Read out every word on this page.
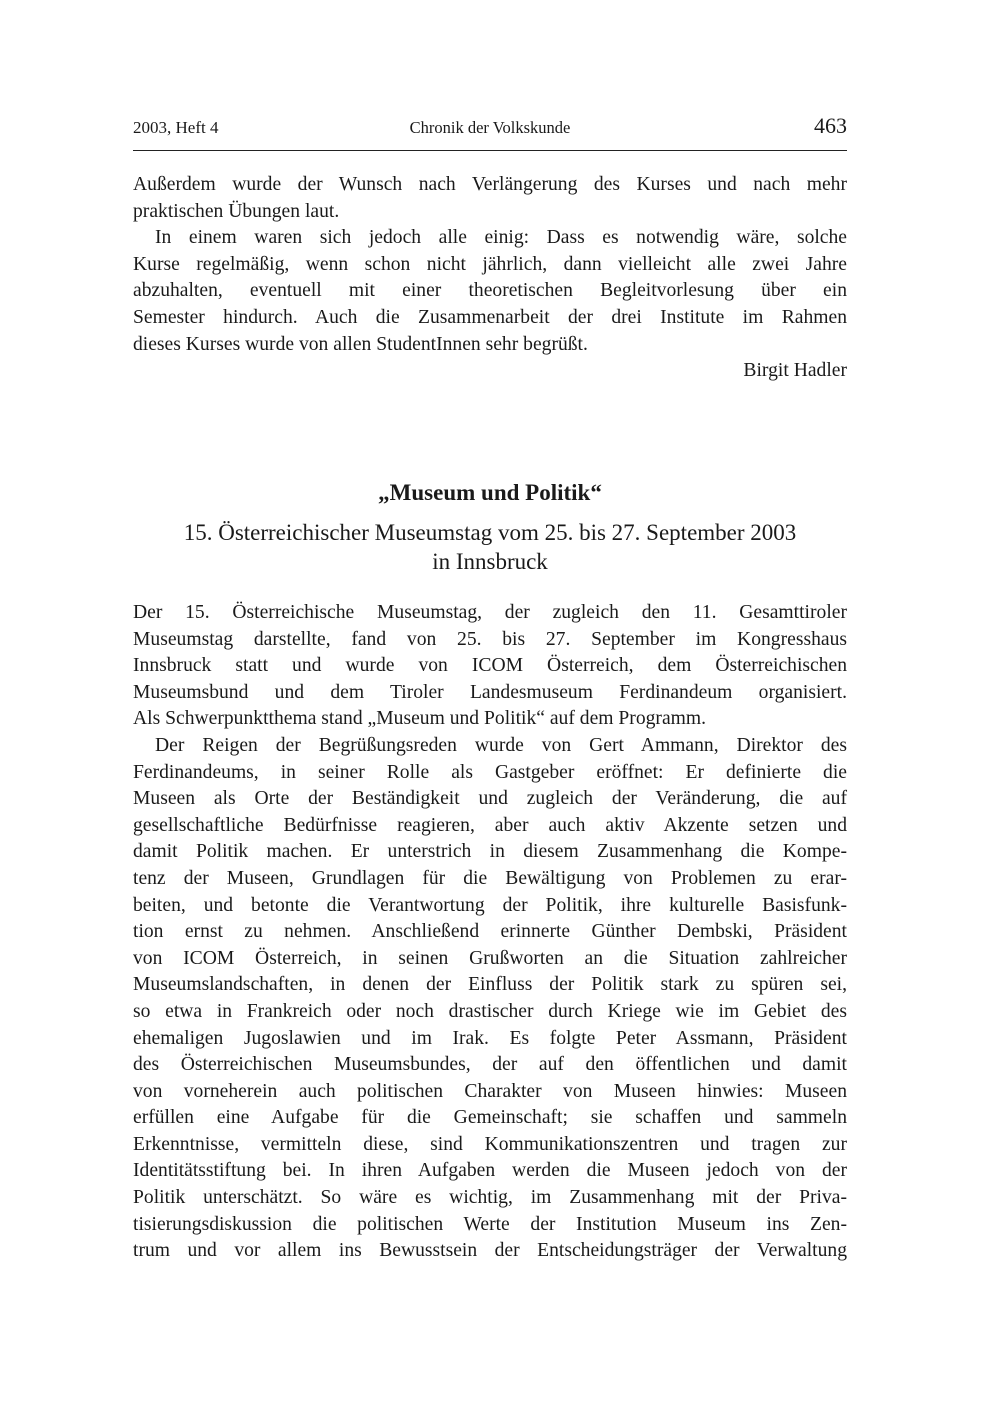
2003, Heft 4	Chronik der Volkskunde	463
Außerdem wurde der Wunsch nach Verlängerung des Kurses und nach mehr
praktischen Übungen laut.
In einem waren sich jedoch alle einig: Dass es notwendig wäre, solche
Kurse regelmäßig, wenn schon nicht jährlich, dann vielleicht alle zwei Jahre
abzuhalten, eventuell mit einer theoretischen Begleitvorlesung über ein
Semester hindurch. Auch die Zusammenarbeit der drei Institute im Rahmen
dieses Kurses wurde von allen StudentInnen sehr begrüßt.
Birgit Hadler
„Museum und Politik“
15. Österreichischer Museumstag vom 25. bis 27. September 2003
in Innsbruck
Der 15. Österreichische Museumstag, der zugleich den 11. Gesamttiroler
Museumstag darstellte, fand von 25. bis 27. September im Kongresshaus
Innsbruck statt und wurde von ICOM Österreich, dem Österreichischen
Museumsbund und dem Tiroler Landesmuseum Ferdinandeum organisiert.
Als Schwerpunktthema stand „Museum und Politik“ auf dem Programm.
Der Reigen der Begrüßungsreden wurde von Gert Ammann, Direktor des
Ferdinandeums, in seiner Rolle als Gastgeber eröffnet: Er definierte die
Museen als Orte der Beständigkeit und zugleich der Veränderung, die auf
gesellschaftliche Bedürfnisse reagieren, aber auch aktiv Akzente setzen und
damit Politik machen. Er unterstrich in diesem Zusammenhang die Kompe-
tenz der Museen, Grundlagen für die Bewältigung von Problemen zu erar-
beiten, und betonte die Verantwortung der Politik, ihre kulturelle Basisfunk-
tion ernst zu nehmen. Anschließend erinnerte Günther Dembski, Präsident
von ICOM Österreich, in seinen Grußworten an die Situation zahlreicher
Museumslandschaften, in denen der Einfluss der Politik stark zu spüren sei,
so etwa in Frankreich oder noch drastischer durch Kriege wie im Gebiet des
ehemaligen Jugoslawien und im Irak. Es folgte Peter Assmann, Präsident
des Österreichischen Museumsbundes, der auf den öffentlichen und damit
von vorneherein auch politischen Charakter von Museen hinwies: Museen
erfüllen eine Aufgabe für die Gemeinschaft; sie schaffen und sammeln
Erkenntnisse, vermitteln diese, sind Kommunikationszentren und tragen zur
Identitätsstiftung bei. In ihren Aufgaben werden die Museen jedoch von der
Politik unterschätzt. So wäre es wichtig, im Zusammenhang mit der Priva-
tisierungsdiskussion die politischen Werte der Institution Museum ins Zen-
trum und vor allem ins Bewusstsein der Entscheidungsträger der Verwaltung
